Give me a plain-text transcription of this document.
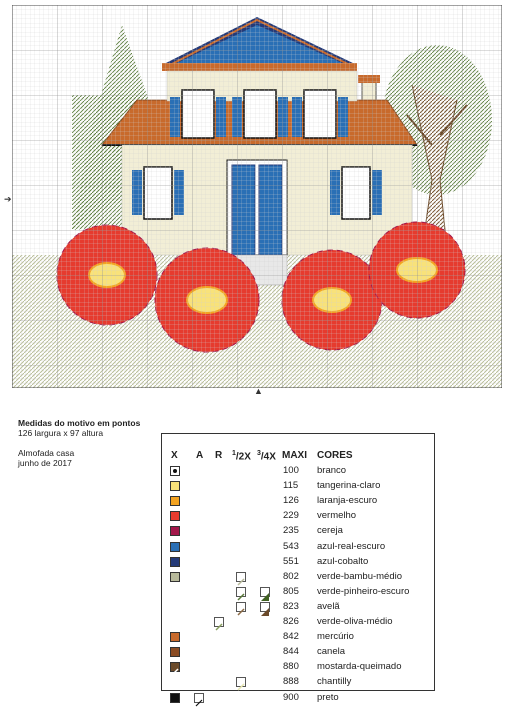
➔
▲
Medidas do motivo em pontos
126 largura x 97 altura
Almofada casa
junho de 2017
X A R $^1$/2X $^3$/4X MAXI CORES
100 branco
115 tangerina-claro
126 laranja-escuro
229 vermelho
235 cereja
543 azul-real-escuro
551 azul-cobalto
802 verde-bambu-médio
805 verde-pinheiro-escuro
823 avelã
826 verde-oliva-médio
842 mercúrio
844 canela
880 mostarda-queimado
888 chantilly
900 preto
